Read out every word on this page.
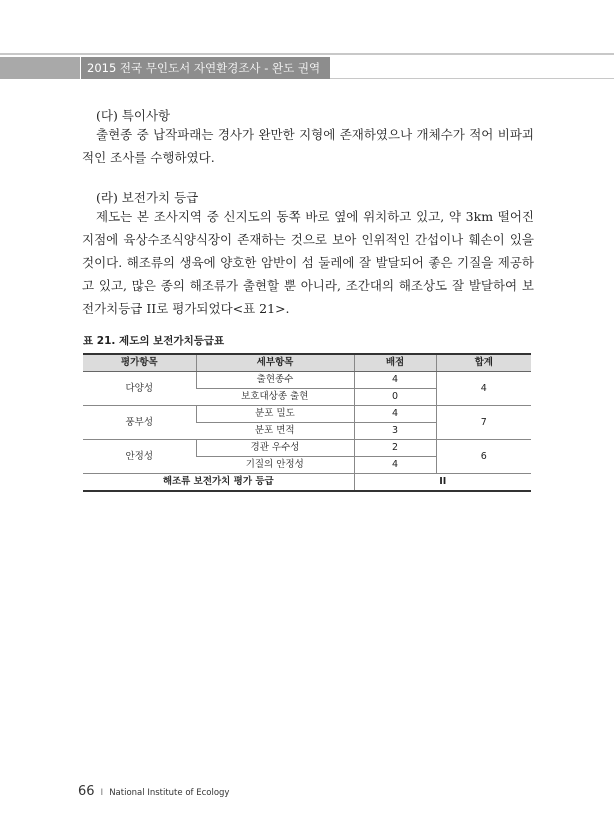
2015 전국 무인도서 자연환경조사 - 완도 권역
(다) 특이사항

출현종 중 납작파래는 경사가 완만한 지형에 존재하였으나 개체수가 적어 비파괴적인 조사를 수행하였다.

(라) 보전가치 등급

제도는 본 조사지역 중 신지도의 동쪽 바로 옆에 위치하고 있고, 약 3km 떨어진 지점에 육상수조식양식장이 존재하는 것으로 보아 인위적인 간섭이나 훼손이 있을 것이다. 해조류의 생육에 양호한 암반이 섬 둘레에 잘 발달되어 좋은 기질을 제공하고 있고, 많은 종의 해조류가 출현할 뿐 아니라, 조간대의 해조상도 잘 발달하여 보전가치등급 II로 평가되었다<표 21>.

표 21. 제도의 보전가치등급표
평가항목	세부항목	배점	합계
다양성	출현종수	4	4
	보호대상종 출현	0	
풍부성	분포 밀도	4	7
	분포 면적	3	
안정성	경관 우수성	2	6
	기질의 안정성	4	
해조류 보전가치 평가 등급		II	
66 I National Institute of Ecology
